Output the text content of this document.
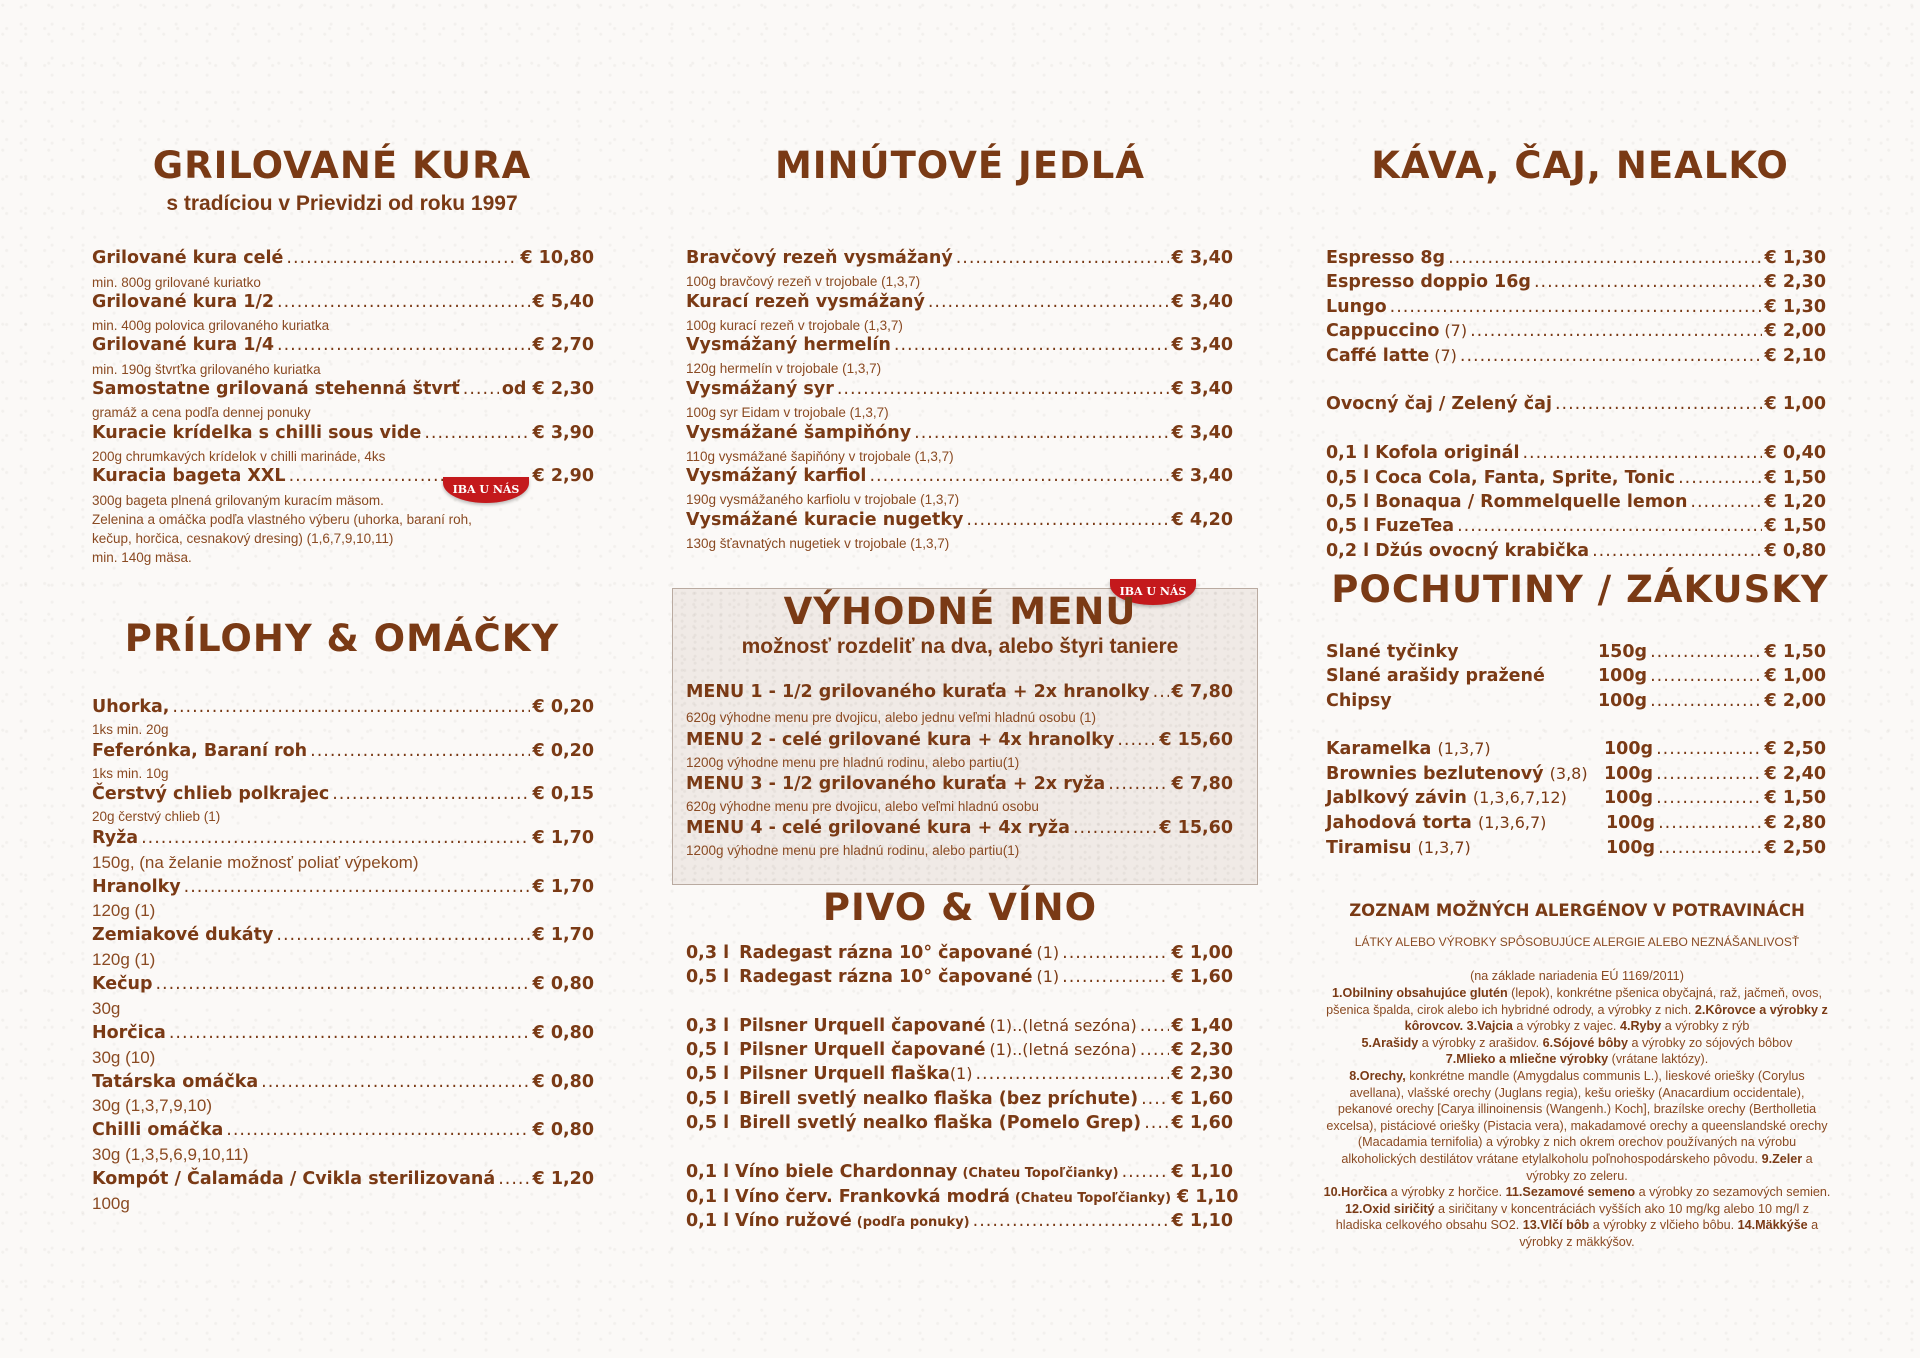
GRILOVANÉ KURA
s tradíciou v Prievidzi od roku 1997
Grilované kura celé .....	€ 10,80
min. 800g grilované kuriatko
Grilované kura 1/2 .....	€ 5,40
min. 400g polovica grilovaného kuriatka
Grilované kura 1/4 .....	€ 2,70
min. 190g štvrťka grilovaného kuriatka
Samostatne grilovaná stehenná štvrť ..... od € 2,30
gramáž a cena podľa dennej ponuky
Kuracie krídelka s chilli sous vide .....	€ 3,90
200g chrumkavých krídelok v chilli marináde, 4ks
Kuracia bageta XXL .....	€ 2,90
IBA U NÁS
300g bageta plnená grilovaným kuracím mäsom.
Zelenina a omáčka podľa vlastného výberu (uhorka, baraní roh,
kečup, horčica, cesnakový dresing) (1,6,7,9,10,11)
min. 140g mäsa.
PRÍLOHY & OMÁČKY
Uhorka, .....	€ 0,20
1ks min. 20g
Feferónka, Baraní roh .....	€ 0,20
1ks min. 10g
Čerstvý chlieb polkrajec .....	€ 0,15
20g čerstvý chlieb (1)
Ryža .....	€ 1,70
150g, (na želanie možnosť poliať výpekom)
Hranolky .....	€ 1,70
120g (1)
Zemiakové dukáty .....	€ 1,70
120g (1)
Kečup .....	€ 0,80
30g
Horčica .....	€ 0,80
30g (10)
Tatárska omáčka .....	€ 0,80
30g (1,3,7,9,10)
Chilli omáčka .....	€ 0,80
30g (1,3,5,6,9,10,11)
Kompót / Čalamáda / Cvikla sterilizovaná ..... € 1,20
100g
MINÚTOVÉ JEDLÁ
Bravčový rezeň vysmážaný .....	€ 3,40
100g bravčový rezeň v trojobale (1,3,7)
Kurací rezeň vysmážaný .....	€ 3,40
100g kurací rezeň v trojobale (1,3,7)
Vysmážaný hermelín .....	€ 3,40
120g hermelín v trojobale (1,3,7)
Vysmážaný syr .....	€ 3,40
100g syr Eidam v trojobale (1,3,7)
Vysmážané šampiňóny .....	€ 3,40
110g vysmážané šapiňóny v trojobale (1,3,7)
Vysmážaný karfiol .....	€ 3,40
190g vysmážaného karfiolu v trojobale (1,3,7)
Vysmážané kuracie nugetky .....	€ 4,20
130g šťavnatých nugetiek v trojobale (1,3,7)
IBA U NÁS
VÝHODNÉ MENU
možnosť rozdeliť na dva, alebo štyri taniere
MENU 1 - 1/2 grilovaného kuraťa + 2x hranolky ..... € 7,80
620g výhodne menu pre dvojicu, alebo jednu veľmi hladnú osobu (1)
MENU 2 - celé grilované kura + 4x hranolky .....	€ 15,60
1200g výhodne menu pre hladnú rodinu, alebo partiu(1)
MENU 3 - 1/2 grilovaného kuraťa + 2x ryža .....	€ 7,80
620g výhodne menu pre dvojicu, alebo veľmi hladnú osobu
MENU 4 - celé grilované kura + 4x ryža .....	€ 15,60
1200g výhodne menu pre hladnú rodinu, alebo partiu(1)
PIVO & VÍNO
0,3 l Radegast rázna 10° čapované (1) .....	€ 1,00
0,5 l Radegast rázna 10° čapované (1) .....	€ 1,60
0,3 l Pilsner Urquell čapované (1)..(letná sezóna) ..... € 1,40
0,5 l Pilsner Urquell čapované (1)..(letná sezóna) ..... € 2,30
0,5 l Pilsner Urquell flaška (1) .....	€ 2,30
0,5 l Birell svetlý nealko flaška (bez príchute) ..... € 1,60
0,5 l Birell svetlý nealko flaška (Pomelo Grep) ..... € 1,60
0,1 l Víno biele Chardonnay (Chateu Topoľčianky) .....	€ 1,10
0,1 l Víno červ. Frankovká modrá (Chateu Topoľčianky) € 1,10
0,1 l Víno ružové (podľa ponuky) .....	€ 1,10
KÁVA, ČAJ, NEALKO
Espresso 8g .....	€ 1,30
Espresso doppio 16g .....	€ 2,30
Lungo .....	€ 1,30
Cappuccino (7) .....	€ 2,00
Caffé latte (7) .....	€ 2,10
Ovocný čaj / Zelený čaj .....	€ 1,00
0,1 l Kofola originál .....	€ 0,40
0,5 l Coca Cola, Fanta, Sprite, Tonic .....	€ 1,50
0,5 l Bonaqua / Rommelquelle lemon .....	€ 1,20
0,5 l FuzeTea .....	€ 1,50
0,2 l Džús ovocný krabička .....	€ 0,80
POCHUTINY / ZÁKUSKY
Slané tyčinky	150g .....	€ 1,50
Slané arašidy pražené	100g .....	€ 1,00
Chipsy	100g .....	€ 2,00
Karamelka (1,3,7)	100g .....	€ 2,50
Brownies bezlutenový (3,8) 100g .....	€ 2,40
Jablkový závin (1,3,6,7,12)	100g .....	€ 1,50
Jahodová torta (1,3,6,7)	100g .....	€ 2,80
Tiramisu (1,3,7)	100g .....	€ 2,50
ZOZNAM MOŽNÝCH ALERGÉNOV V POTRAVINÁCH
LÁTKY ALEBO VÝROBKY SPÔSOBUJÚCE ALERGIE ALEBO NEZNÁŠANLIVOSŤ
(na základe nariadenia EÚ 1169/2011)
1.Obilniny obsahujúce glutén (lepok), konkrétne pšenica obyčajná, raž, jačmeň, ovos, pšenica špalda, cirok alebo ich hybridné odrody, a výrobky z nich. 2.Kôrovce a výrobky z kôrovcov. 3.Vajcia a výrobky z vajec. 4.Ryby a výrobky z rýb
5.Arašidy a výrobky z arašidov. 6.Sójové bôby a výrobky zo sójových bôbov
7.Mlieko a mliečne výrobky (vrátane laktózy).
8.Orechy, konkrétne mandle (Amygdalus communis L.), lieskové oriešky (Corylus avellana), vlašské orechy (Juglans regia), kešu oriešky (Anacardium occidentale), pekanové orechy [Carya illinoinensis (Wangenh.) Koch], brazílske orechy (Bertholletia excelsa), pistáciové oriešky (Pistacia vera), makadamové orechy a queenslandské orechy (Macadamia ternifolia) a výrobky z nich okrem orechov používaných na výrobu alkoholických destilátov vrátane etylalkoholu poľnohospodárskeho pôvodu. 9.Zeler a výrobky zo zeleru.
10.Horčica a výrobky z horčice. 11.Sezamové semeno a výrobky zo sezamových semien.
12.Oxid siričitý a siričitany v koncentráciách vyšších ako 10 mg/kg alebo 10 mg/l z hladiska celkového obsahu SO2. 13.Vlčí bôb a výrobky z vlčieho bôbu. 14.Mäkkýše a výrobky z mäkkýšov.
